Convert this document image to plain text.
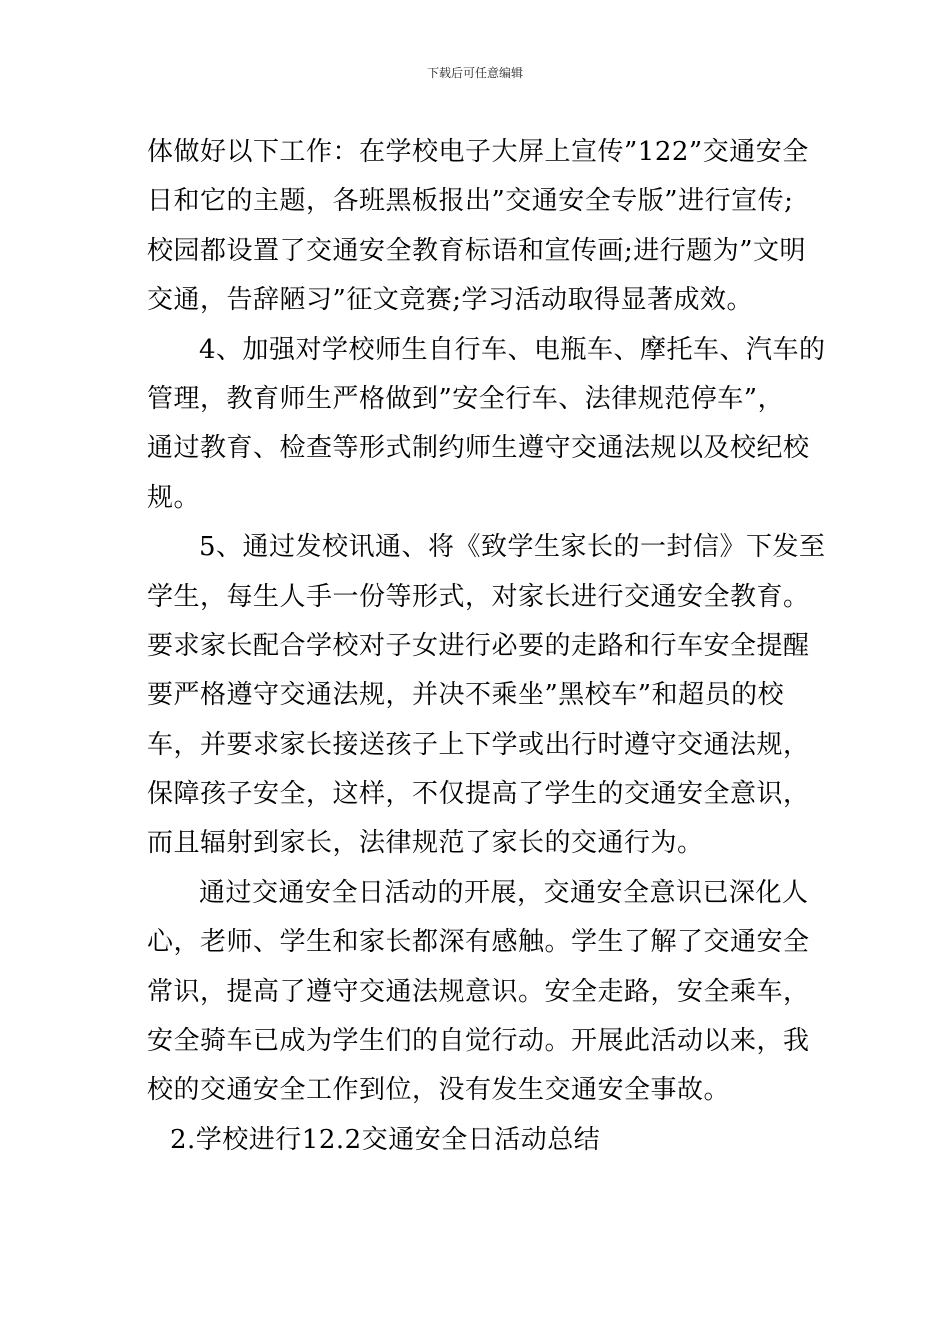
下载后可任意编辑
体做好以下工作：在学校电子大屏上宣传”122”交通安全
日和它的主题，各班黑板报出”交通安全专版”进行宣传;
校园都设置了交通安全教育标语和宣传画;进行题为”文明
交通，告辞陋习”征文竞赛;学习活动取得显著成效。
4、加强对学校师生自行车、电瓶车、摩托车、汽车的
管理，教育师生严格做到”安全行车、法律规范停车”，
通过教育、检查等形式制约师生遵守交通法规以及校纪校
规。
5、通过发校讯通、将《致学生家长的一封信》下发至
学生，每生人手一份等形式，对家长进行交通安全教育。
要求家长配合学校对子女进行必要的走路和行车安全提醒
要严格遵守交通法规，并决不乘坐”黑校车”和超员的校
车，并要求家长接送孩子上下学或出行时遵守交通法规，
保障孩子安全，这样，不仅提高了学生的交通安全意识，
而且辐射到家长，法律规范了家长的交通行为。
通过交通安全日活动的开展，交通安全意识已深化人
心，老师、学生和家长都深有感触。学生了解了交通安全
常识，提高了遵守交通法规意识。安全走路，安全乘车，
安全骑车已成为学生们的自觉行动。开展此活动以来，我
校的交通安全工作到位，没有发生交通安全事故。
2.学校进行12.2交通安全日活动总结
